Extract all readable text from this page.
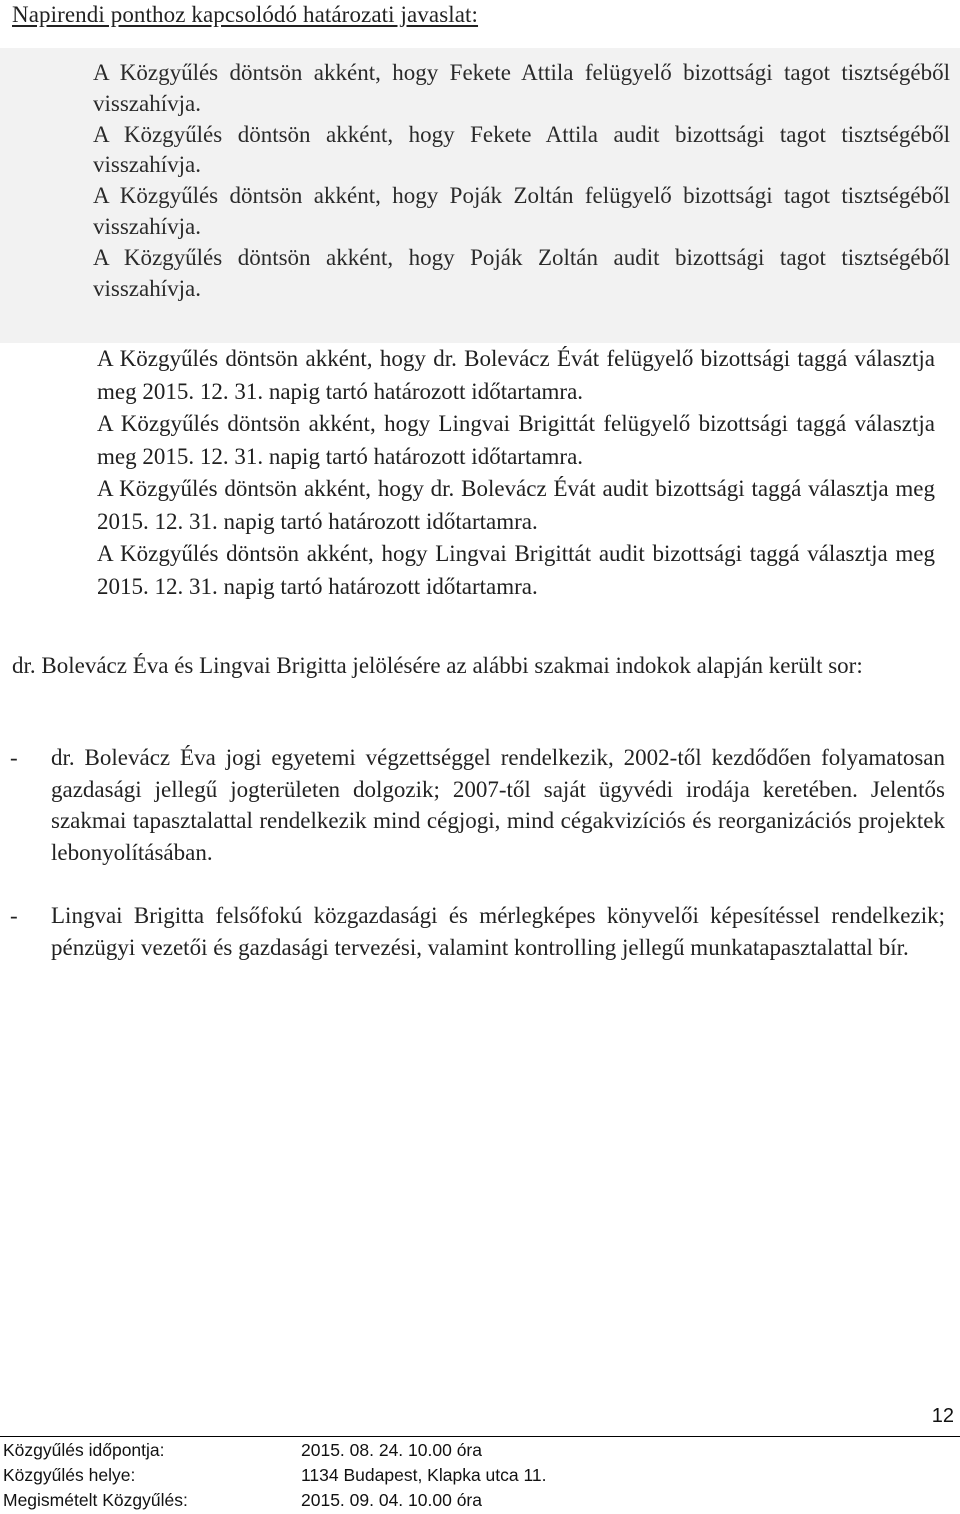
Napirendi ponthoz kapcsolódó határozati javaslat:

A Közgyűlés döntsön akként, hogy Fekete Attila felügyelő bizottsági tagot tisztségéből visszahívja.

A Közgyűlés döntsön akként, hogy Fekete Attila audit bizottsági tagot tisztségéből visszahívja.

A Közgyűlés döntsön akként, hogy Poják Zoltán felügyelő bizottsági tagot tisztségéből visszahívja.

A Közgyűlés döntsön akként, hogy Poják Zoltán audit bizottsági tagot tisztségéből visszahívja.

A Közgyűlés döntsön akként, hogy dr. Bolevácz Évát felügyelő bizottsági taggá választja meg 2015. 12. 31. napig tartó határozott időtartamra.

A Közgyűlés döntsön akként, hogy Lingvai Brigittát felügyelő bizottsági taggá választja meg 2015. 12. 31. napig tartó határozott időtartamra.

A Közgyűlés döntsön akként, hogy dr. Bolevácz Évát audit bizottsági taggá választja meg 2015. 12. 31. napig tartó határozott időtartamra.

A Közgyűlés döntsön akként, hogy Lingvai Brigittát audit bizottsági taggá választja meg 2015. 12. 31. napig tartó határozott időtartamra.

dr. Bolevácz Éva és Lingvai Brigitta jelölésére az alábbi szakmai indokok alapján került sor:

- dr. Bolevácz Éva jogi egyetemi végzettséggel rendelkezik, 2002-től kezdődően folyamatosan gazdasági jellegű jogterületen dolgozik; 2007-től saját ügyvédi irodája keretében. Jelentős szakmai tapasztalattal rendelkezik mind cégjogi, mind cégakvizíciós és reorganizációs projektek lebonyolításában.
- Lingvai Brigitta felsőfokú közgazdasági és mérlegképes könyvelői képesítéssel rendelkezik; pénzügyi vezetői és gazdasági tervezési, valamint kontrolling jellegű munkatapasztalattal bír.
12
Közgyűlés időpontja:	2015. 08. 24. 10.00 óra
Közgyűlés helye:	1134 Budapest, Klapka utca 11.
Megismételt Közgyűlés:	2015. 09. 04. 10.00 óra
